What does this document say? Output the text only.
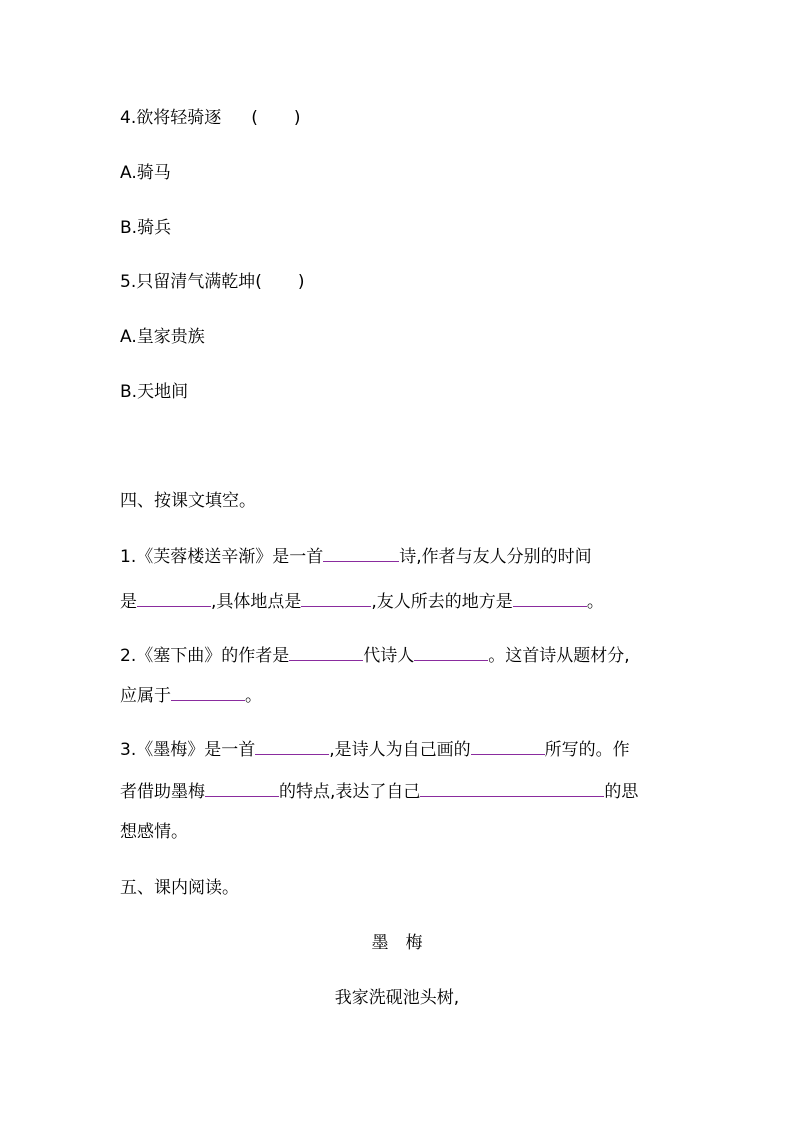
4.欲将轻骑逐 ( )
A.骑马
B.骑兵
5.只留清气满乾坤( )
A.皇家贵族
B.天地间
四、按课文填空。
1.《芙蓉楼送辛渐》是一首	诗,作者与友人分别的时间
是	,具体地点是	,友人所去的地方是	。
2.《塞下曲》的作者是	代诗人	。这首诗从题材分,
应属于	。
3.《墨梅》是一首	,是诗人为自己画的	所写的。作
者借助墨梅	的特点,表达了自己	的思
想感情。
五、课内阅读。
墨　梅
我家洗砚池头树,
